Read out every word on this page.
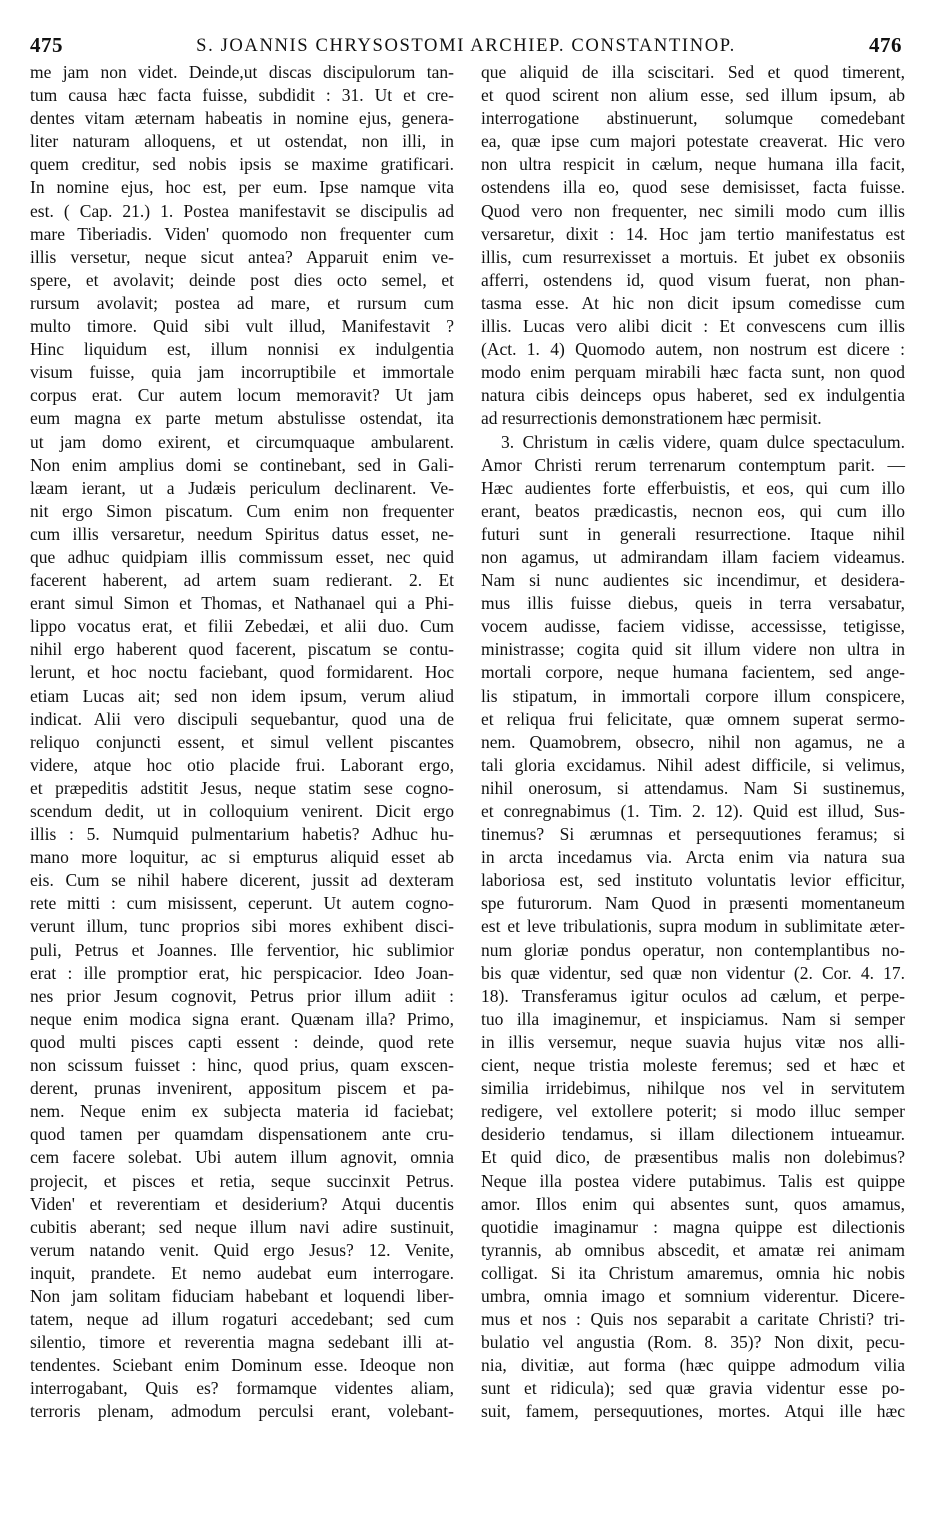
475	S. JOANNIS CHRYSOSTOMI ARCHIEP. CONSTANTINOP.	476
me jam non videt. Deinde,ut discas discipulorum tan-
tum causa hæc facta fuisse, subdidit : 31. Ut et cre-
dentes vitam æternam habeatis in nomine ejus, genera-
liter naturam alloquens, et ut ostendat, non illi, in
quem creditur, sed nobis ipsis se maxime gratificari.
In nomine ejus, hoc est, per eum. Ipse namque vita
est. ( Cap. 21.) 1. Postea manifestavit se discipulis ad
mare Tiberiadis. Viden' quomodo non frequenter cum
illis versetur, neque sicut antea? Apparuit enim ve-
spere, et avolavit; deinde post dies octo semel, et
rursum avolavit; postea ad mare, et rursum cum
multo timore. Quid sibi vult illud, Manifestavit ?
Hinc liquidum est, illum nonnisi ex indulgentia
visum fuisse, quia jam incorruptibile et immortale
corpus erat. Cur autem locum memoravit? Ut jam
eum magna ex parte metum abstulisse ostendat, ita
ut jam domo exirent, et circumquaque ambularent.
Non enim amplius domi se continebant, sed in Gali-
læam ierant, ut a Judæis periculum declinarent. Ve-
nit ergo Simon piscatum. Cum enim non frequenter
cum illis versaretur, needum Spiritus datus esset, ne-
que adhuc quidpiam illis commissum esset, nec quid
facerent haberent, ad artem suam redierant. 2. Et
erant simul Simon et Thomas, et Nathanael qui a Phi-
lippo vocatus erat, et filii Zebedæi, et alii duo. Cum
nihil ergo haberent quod facerent, piscatum se contu-
lerunt, et hoc noctu faciebant, quod formidarent. Hoc
etiam Lucas ait; sed non idem ipsum, verum aliud
indicat. Alii vero discipuli sequebantur, quod una de
reliquo conjuncti essent, et simul vellent piscantes
videre, atque hoc otio placide frui. Laborant ergo,
et præpeditis adstitit Jesus, neque statim sese cogno-
scendum dedit, ut in colloquium venirent. Dicit ergo
illis : 5. Numquid pulmentarium habetis? Adhuc hu-
mano more loquitur, ac si empturus aliquid esset ab
eis. Cum se nihil habere dicerent, jussit ad dexteram
rete mitti : cum misissent, ceperunt. Ut autem cogno-
verunt illum, tunc proprios sibi mores exhibent disci-
puli, Petrus et Joannes. Ille ferventior, hic sublimior
erat : ille promptior erat, hic perspicacior. Ideo Joan-
nes prior Jesum cognovit, Petrus prior illum adiit :
neque enim modica signa erant. Quænam illa? Primo,
quod multi pisces capti essent : deinde, quod rete
non scissum fuisset : hinc, quod prius, quam exscen-
derent, prunas invenirent, appositum piscem et pa-
nem. Neque enim ex subjecta materia id faciebat;
quod tamen per quamdam dispensationem ante cru-
cem facere solebat. Ubi autem illum agnovit, omnia
projecit, et pisces et retia, seque succinxit Petrus.
Viden' et reverentiam et desiderium? Atqui ducentis
cubitis aberant; sed neque illum navi adire sustinuit,
verum natando venit. Quid ergo Jesus? 12. Venite,
inquit, prandete. Et nemo audebat eum interrogare.
Non jam solitam fiduciam habebant et loquendi liber-
tatem, neque ad illum rogaturi accedebant; sed cum
silentio, timore et reverentia magna sedebant illi at-
tendentes. Sciebant enim Dominum esse. Ideoque non
interrogabant, Quis es? formamque videntes aliam,
terroris plenam, admodum perculsi erant, volebant-
que aliquid de illa sciscitari. Sed et quod timerent,
et quod scirent non alium esse, sed illum ipsum, ab
interrogatione abstinuerunt, solumque comedebant
ea, quæ ipse cum majori potestate creaverat. Hic vero
non ultra respicit in cælum, neque humana illa facit,
ostendens illa eo, quod sese demisisset, facta fuisse.
Quod vero non frequenter, nec simili modo cum illis
versaretur, dixit : 14. Hoc jam tertio manifestatus est
illis, cum resurrexisset a mortuis. Et jubet ex obsoniis
afferri, ostendens id, quod visum fuerat, non phan-
tasma esse. At hic non dicit ipsum comedisse cum
illis. Lucas vero alibi dicit : Et convescens cum illis
(Act. 1. 4) Quomodo autem, non nostrum est dicere :
modo enim perquam mirabili hæc facta sunt, non quod
natura cibis deinceps opus haberet, sed ex indulgentia
ad resurrectionis demonstrationem hæc permisit.
3. Christum in cælis videre, quam dulce spectaculum.
Amor Christi rerum terrenarum contemptum parit. —
Hæc audientes forte efferbuistis, et eos, qui cum illo
erant, beatos prædicastis, necnon eos, qui cum illo
futuri sunt in generali resurrectione. Itaque nihil
non agamus, ut admirandam illam faciem videamus.
Nam si nunc audientes sic incendimur, et desidera-
mus illis fuisse diebus, queis in terra versabatur,
vocem audisse, faciem vidisse, accessisse, tetigisse,
ministrasse; cogita quid sit illum videre non ultra in
mortali corpore, neque humana facientem, sed ange-
lis stipatum, in immortali corpore illum conspicere,
et reliqua frui felicitate, quæ omnem superat sermo-
nem. Quamobrem, obsecro, nihil non agamus, ne a
tali gloria excidamus. Nihil adest difficile, si velimus,
nihil onerosum, si attendamus. Nam Si sustinemus,
et conregnabimus (1. Tim. 2. 12). Quid est illud, Sus-
tinemus? Si ærumnas et persequutiones feramus; si
in arcta incedamus via. Arcta enim via natura sua
laboriosa est, sed instituto voluntatis levior efficitur,
spe futurorum. Nam Quod in præsenti momentaneum
est et leve tribulationis, supra modum in sublimitate æter-
num gloriæ pondus operatur, non contemplantibus no-
bis quæ videntur, sed quæ non videntur (2. Cor. 4. 17.
18). Transferamus igitur oculos ad cælum, et perpe-
tuo illa imaginemur, et inspiciamus. Nam si semper
in illis versemur, neque suavia hujus vitæ nos alli-
cient, neque tristia moleste feremus; sed et hæc et
similia irridebimus, nihilque nos vel in servitutem
redigere, vel extollere poterit; si modo illuc semper
desiderio tendamus, si illam dilectionem intueamur.
Et quid dico, de præsentibus malis non dolebimus?
Neque illa postea videre putabimus. Talis est quippe
amor. Illos enim qui absentes sunt, quos amamus,
quotidie imaginamur : magna quippe est dilectionis
tyrannis, ab omnibus abscedit, et amatæ rei animam
colligat. Si ita Christum amaremus, omnia hic nobis
umbra, omnia imago et somnium viderentur. Dicere-
mus et nos : Quis nos separabit a caritate Christi? tri-
bulatio vel angustia (Rom. 8. 35)? Non dixit, pecu-
nia, divitiæ, aut forma (hæc quippe admodum vilia
sunt et ridicula); sed quæ gravia videntur esse po-
suit, famem, persequutiones, mortes. Atqui ille hæc
